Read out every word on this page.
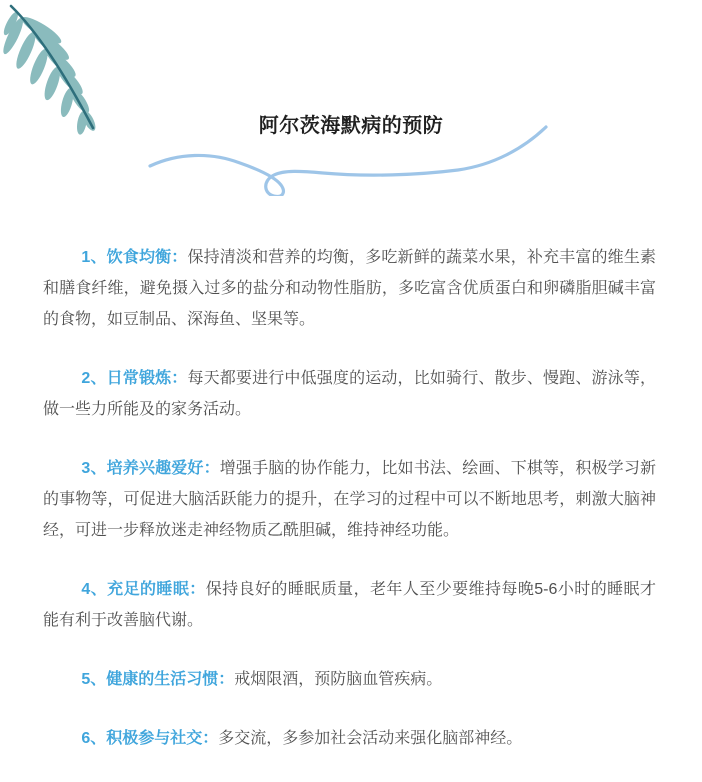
阿尔茨海默病的预防

1、饮食均衡：保持清淡和营养的均衡，多吃新鲜的蔬菜水果，补充丰富的维生素和膳食纤维，避免摄入过多的盐分和动物性脂肪，多吃富含优质蛋白和卵磷脂胆碱丰富的食物，如豆制品、深海鱼、坚果等。

2、日常锻炼：每天都要进行中低强度的运动，比如骑行、散步、慢跑、游泳等，做一些力所能及的家务活动。

3、培养兴趣爱好：增强手脑的协作能力，比如书法、绘画、下棋等，积极学习新的事物等，可促进大脑活跃能力的提升，在学习的过程中可以不断地思考，刺激大脑神经，可进一步释放迷走神经物质乙酰胆碱，维持神经功能。

4、充足的睡眠：保持良好的睡眠质量，老年人至少要维持每晚5-6小时的睡眠才能有利于改善脑代谢。

5、健康的生活习惯：戒烟限酒，预防脑血管疾病。

6、积极参与社交：多交流，多参加社会活动来强化脑部神经。
